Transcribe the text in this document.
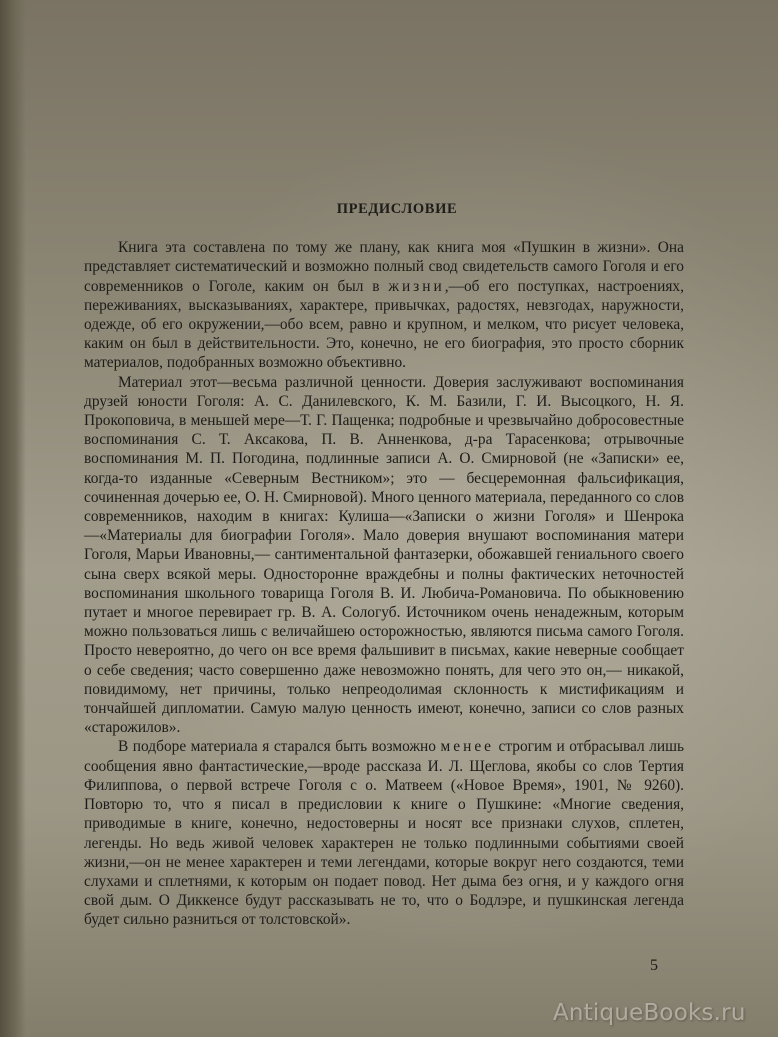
ПРЕДИСЛОВИЕ

Книга эта составлена по тому же плану, как книга моя «Пушкин в жизни». Она представляет систематический и возможно полный свод свидетельств самого Гоголя и его современников о Гоголе, каким он был в жизни,—об его поступках, настроениях, переживаниях, высказываниях, характере, привычках, радостях, невзгодах, наружности, одежде, об его окружении,—обо всем, равно и крупном, и мелком, что рисует человека, каким он был в действительности. Это, конечно, не его биография, это просто сборник материалов, подобранных возможно объективно.

Материал этот—весьма различной ценности. Доверия заслуживают воспоминания друзей юности Гоголя: А. С. Данилевского, К. М. Базили, Г. И. Высоцкого, Н. Я. Прокоповича, в меньшей мере—Т. Г. Пащенка; подробные и чрезвычайно добросовестные воспоминания С. Т. Аксакова, П. В. Анненкова, д-ра Тарасенкова; отрывочные воспоминания М. П. Погодина, подлинные записи А. О. Смирновой (не «Записки» ее, когда-то изданные «Северным Вестником»; это — бесцеремонная фальсификация, сочиненная дочерью ее, О. Н. Смирновой). Много ценного материала, переданного со слов современников, находим в книгах: Кулиша—«Записки о жизни Гоголя» и Шенрока—«Материалы для биографии Гоголя». Мало доверия внушают воспоминания матери Гоголя, Марьи Ивановны,— сантиментальной фантазерки, обожавшей гениального своего сына сверх всякой меры. Односторонне враждебны и полны фактических неточностей воспоминания школьного товарища Гоголя В. И. Любича-Романовича. По обыкновению путает и многое перевирает гр. В. А. Сологуб. Источником очень ненадежным, которым можно пользоваться лишь с величайшею осторожностью, являются письма самого Гоголя. Просто невероятно, до чего он все время фальшивит в письмах, какие неверные сообщает о себе сведения; часто совершенно даже невозможно понять, для чего это он,— никакой, повидимому, нет причины, только непреодолимая склонность к мистификациям и тончайшей дипломатии. Самую малую ценность имеют, конечно, записи со слов разных «старожилов».

В подборе материала я старался быть возможно менее строгим и отбрасывал лишь сообщения явно фантастические,—вроде рассказа И. Л. Щеглова, якобы со слов Тертия Филиппова, о первой встрече Гоголя с о. Матвеем («Новое Время», 1901, № 9260). Повторю то, что я писал в предисловии к книге о Пушкине: «Многие сведения, приводимые в книге, конечно, недостоверны и носят все признаки слухов, сплетен, легенды. Но ведь живой человек характерен не только подлинными событиями своей жизни,—он не менее характерен и теми легендами, которые вокруг него создаются, теми слухами и сплетнями, к которым он подает повод. Нет дыма без огня, и у каждого огня свой дым. О Диккенсе будут рассказывать не то, что о Бодлэре, и пушкинская легенда будет сильно разниться от толстовской».

5
AntiqueBooks.ru
